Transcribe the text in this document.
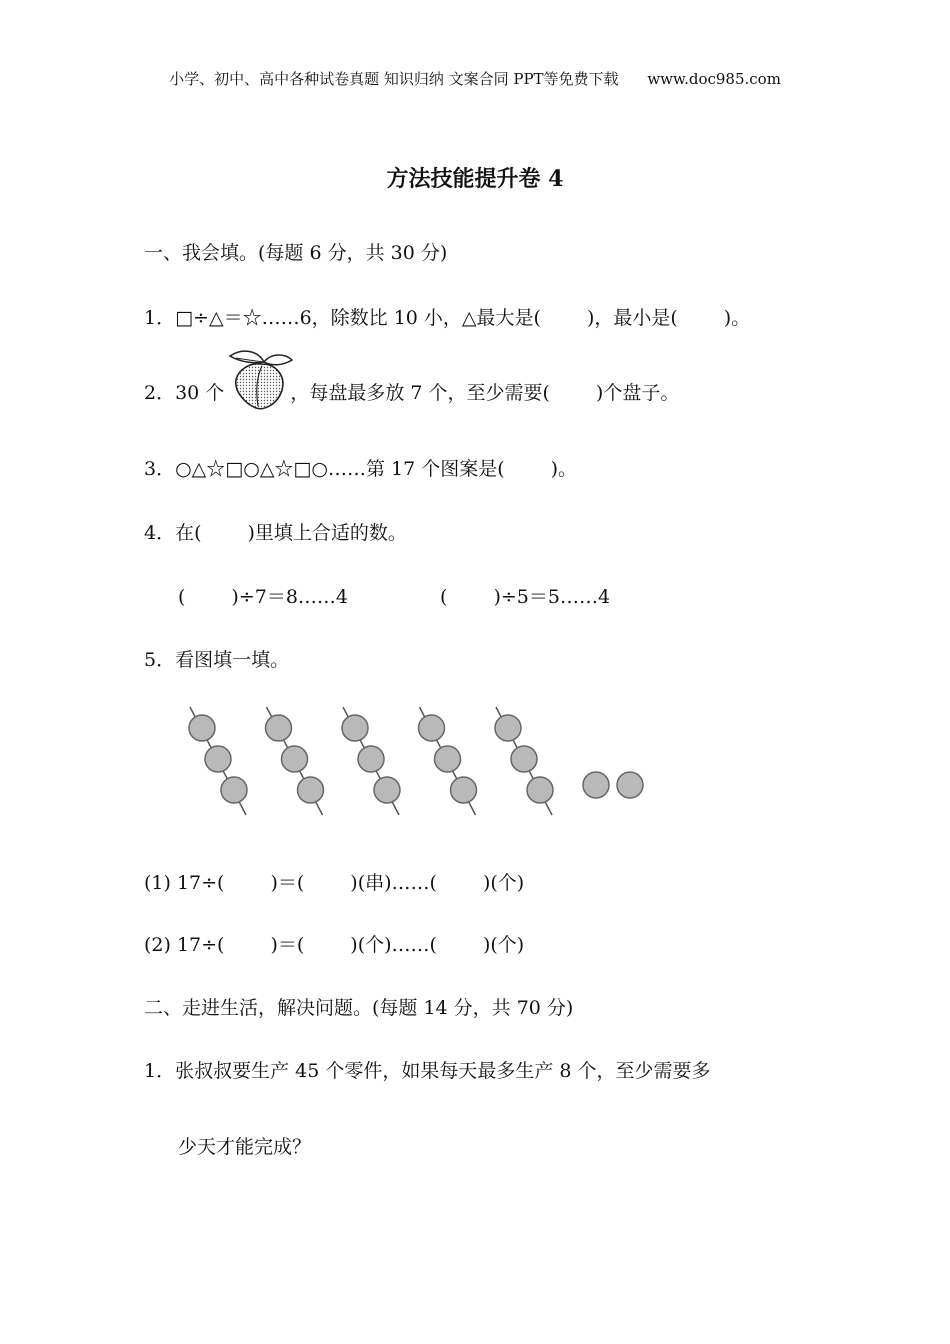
小学、初中、高中各种试卷真题 知识归纳 文案合同 PPT等免费下载 www.doc985.com
方法技能提升卷 4
一、我会填。(每题 6 分，共 30 分)
1．□÷△＝☆……6，除数比 10 小，△最大是( )，最小是( )。
2．30 个	，每盘最多放 7 个，至少需要( )个盘子。
3．○△☆□○△☆□○……第 17 个图案是( )。
4．在( )里填上合适的数。
( )÷7＝8……4	( )÷5＝5……4
5．看图填一填。
(1) 17÷( )＝( )(串)……( )(个)
(2) 17÷( )＝( )(个)……( )(个)
二、走进生活，解决问题。(每题 14 分，共 70 分)
1．张叔叔要生产 45 个零件，如果每天最多生产 8 个，至少需要多
少天才能完成？
